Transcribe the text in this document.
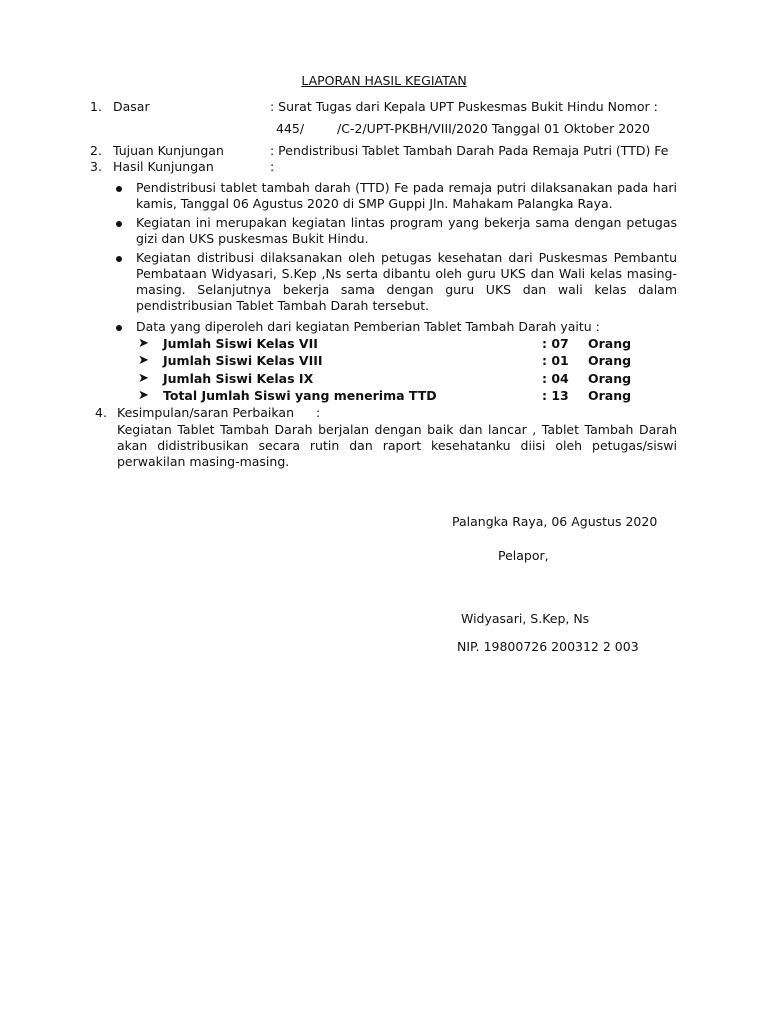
LAPORAN HASIL KEGIATAN
1. Dasar	: Surat Tugas dari Kepala UPT Puskesmas Bukit Hindu Nomor :
445/	/C-2/UPT-PKBH/VIII/2020 Tanggal 01 Oktober 2020
2. Tujuan Kunjungan	: Pendistribusi Tablet Tambah Darah Pada Remaja Putri (TTD) Fe
3. Hasil Kunjungan	:
Pendistribusi tablet tambah darah (TTD) Fe pada remaja putri dilaksanakan pada hari kamis, Tanggal 06 Agustus 2020 di SMP Guppi Jln. Mahakam Palangka Raya.
Kegiatan ini merupakan kegiatan lintas program yang bekerja sama dengan petugas gizi dan UKS puskesmas Bukit Hindu.
Kegiatan distribusi dilaksanakan oleh petugas kesehatan dari Puskesmas Pembantu Pembataan Widyasari, S.Kep ,Ns serta dibantu oleh guru UKS dan Wali kelas masing-masing. Selanjutnya bekerja sama dengan guru UKS dan wali kelas dalam pendistribusian Tablet Tambah Darah tersebut.
Data yang diperoleh dari kegiatan Pemberian Tablet Tambah Darah yaitu :
➤ Jumlah Siswi Kelas VII	: 07 Orang
➤ Jumlah Siswi Kelas VIII	: 01 Orang
➤ Jumlah Siswi Kelas IX	: 04 Orang
➤ Total Jumlah Siswi yang menerima TTD	: 13 Orang
4. Kesimpulan/saran Perbaikan :
Kegiatan Tablet Tambah Darah berjalan dengan baik dan lancar , Tablet Tambah Darah akan didistribusikan secara rutin dan raport kesehatanku diisi oleh petugas/siswi perwakilan masing-masing.
Palangka Raya, 06 Agustus 2020
Pelapor,
Widyasari, S.Kep, Ns
NIP. 19800726 200312 2 003
